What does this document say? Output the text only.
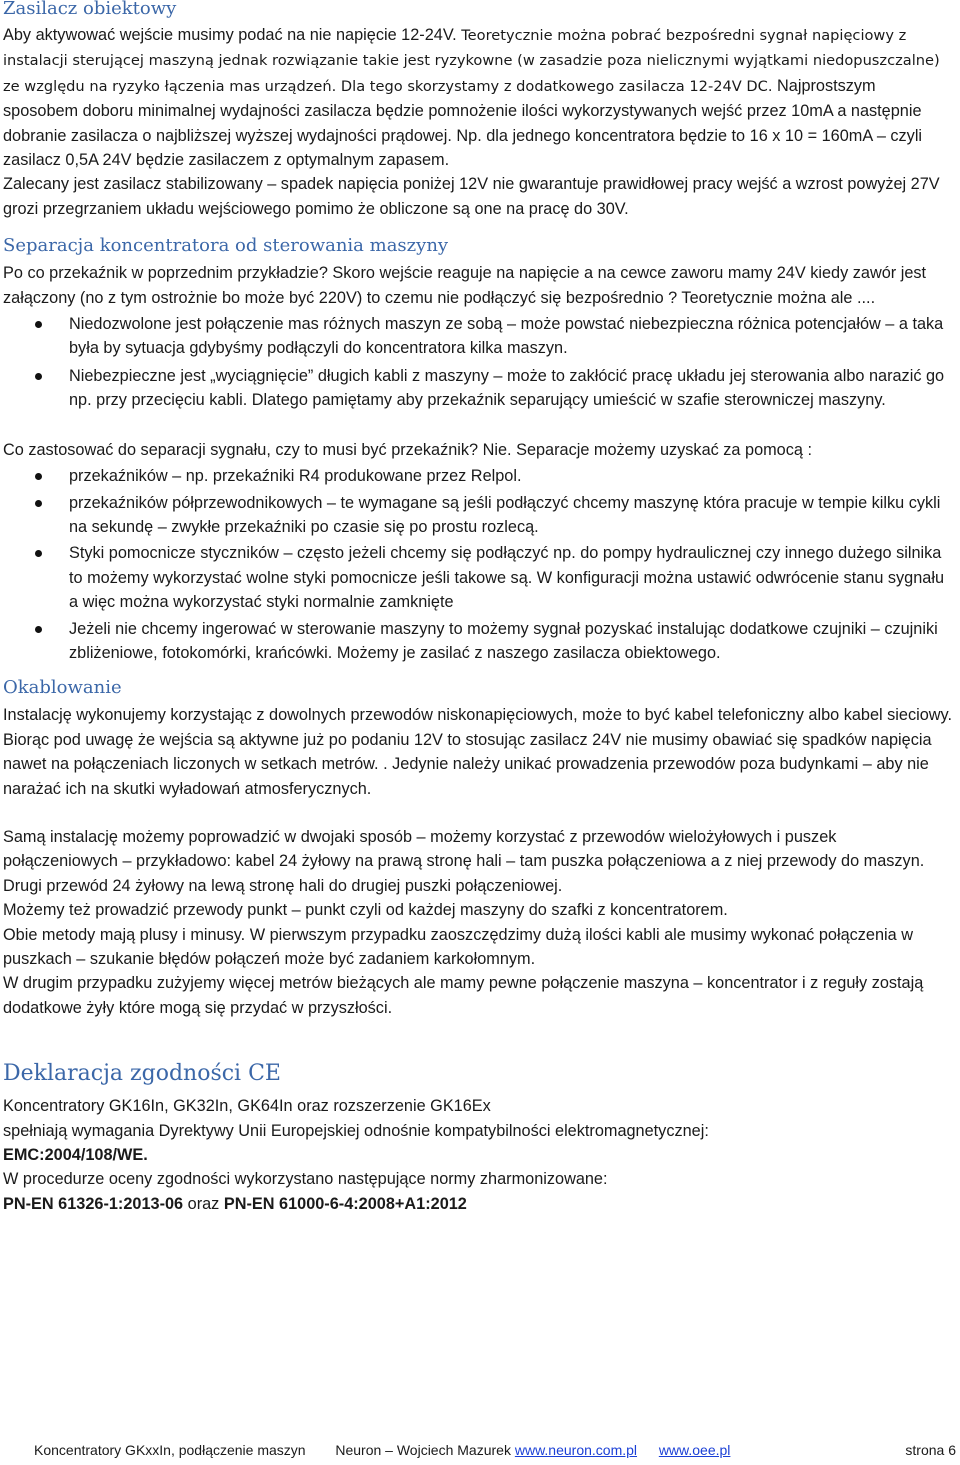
Zasilacz obiektowy

Aby aktywować wejście musimy podać na nie napięcie 12-24V. Teoretycznie można pobrać bezpośredni sygnał napięciowy z instalacji sterującej maszyną jednak rozwiązanie takie jest ryzykowne (w zasadzie poza nielicznymi wyjątkami niedopuszczalne) ze względu na ryzyko łączenia mas urządzeń. Dla tego skorzystamy z dodatkowego zasilacza 12-24V DC. Najprostszym sposobem doboru minimalnej wydajności zasilacza będzie pomnożenie ilości wykorzystywanych wejść przez 10mA a następnie dobranie zasilacza o najbliższej wyższej wydajności prądowej. Np. dla jednego koncentratora będzie to 16 x 10 = 160mA – czyli zasilacz 0,5A 24V będzie zasilaczem z optymalnym zapasem.

Zalecany jest zasilacz stabilizowany – spadek napięcia poniżej 12V nie gwarantuje prawidłowej pracy wejść a wzrost powyżej 27V grozi przegrzaniem układu wejściowego pomimo że obliczone są one na pracę do 30V.

Separacja koncentratora od sterowania maszyny

Po co przekaźnik w poprzednim przykładzie? Skoro wejście reaguje na napięcie a na cewce zaworu mamy 24V kiedy zawór jest załączony (no z tym ostrożnie bo może być 220V) to czemu nie podłączyć się bezpośrednio ? Teoretycznie można ale ....

Niedozwolone jest połączenie mas różnych maszyn ze sobą – może powstać niebezpieczna różnica potencjałów – a taka była by sytuacja gdybyśmy podłączyli do koncentratora kilka maszyn.
Niebezpieczne jest „wyciągnięcie” długich kabli z maszyny – może to zakłócić pracę układu jej sterowania albo narazić go np. przy przecięciu kabli. Dlatego pamiętamy aby przekaźnik separujący umieścić w szafie sterowniczej maszyny.

Co zastosować do separacji sygnału, czy to musi być przekaźnik? Nie. Separacje możemy uzyskać za pomocą :

przekaźników – np. przekaźniki R4 produkowane przez Relpol.
przekaźników półprzewodnikowych – te wymagane są jeśli podłączyć chcemy maszynę która pracuje w tempie kilku cykli na sekundę – zwykłe przekaźniki po czasie się po prostu rozlecą.
Styki pomocnicze styczników – często jeżeli chcemy się podłączyć np. do pompy hydraulicznej czy innego dużego silnika to możemy wykorzystać wolne styki pomocnicze jeśli takowe są. W konfiguracji można ustawić odwrócenie stanu sygnału a więc można wykorzystać styki normalnie zamknięte
Jeżeli nie chcemy ingerować w sterowanie maszyny to możemy sygnał pozyskać instalując dodatkowe czujniki – czujniki zbliżeniowe, fotokomórki, krańcówki. Możemy je zasilać z naszego zasilacza obiektowego.
Okablowanie

Instalację wykonujemy korzystając z dowolnych przewodów niskonapięciowych, może to być kabel telefoniczny albo kabel sieciowy. Biorąc pod uwagę że wejścia są aktywne już po podaniu 12V to stosując zasilacz 24V nie musimy obawiać się spadków napięcia nawet na połączeniach liczonych w setkach metrów. . Jedynie należy unikać prowadzenia przewodów poza budynkami – aby nie narażać ich na skutki wyładowań atmosferycznych.

Samą instalację możemy poprowadzić w dwojaki sposób – możemy korzystać z przewodów wielożyłowych i puszek połączeniowych – przykładowo: kabel 24 żyłowy na prawą stronę hali – tam puszka połączeniowa a z niej przewody do maszyn. Drugi przewód 24 żyłowy na lewą stronę hali do drugiej puszki połączeniowej.

Możemy też prowadzić przewody punkt – punkt czyli od każdej maszyny do szafki z koncentratorem.

Obie metody mają plusy i minusy. W pierwszym przypadku zaoszczędzimy dużą ilości kabli ale musimy wykonać połączenia w puszkach – szukanie błędów połączeń może być zadaniem karkołomnym.

W drugim przypadku zużyjemy więcej metrów bieżących ale mamy pewne połączenie maszyna – koncentrator i z reguły zostają dodatkowe żyły które mogą się przydać w przyszłości.

Deklaracja zgodności CE

Koncentratory GK16In, GK32In, GK64In oraz rozszerzenie GK16Ex

spełniają wymagania Dyrektywy Unii Europejskiej odnośnie kompatybilności elektromagnetycznej:

EMC:2004/108/WE.

W procedurze oceny zgodności wykorzystano następujące normy zharmonizowane:

PN-EN 61326-1:2013-06 oraz PN-EN 61000-6-4:2008+A1:2012

Koncentratory GKxxIn, podłączenie maszyn Neuron – Wojciech Mazurek www.neuron.com.pl www.oee.pl	strona 6
